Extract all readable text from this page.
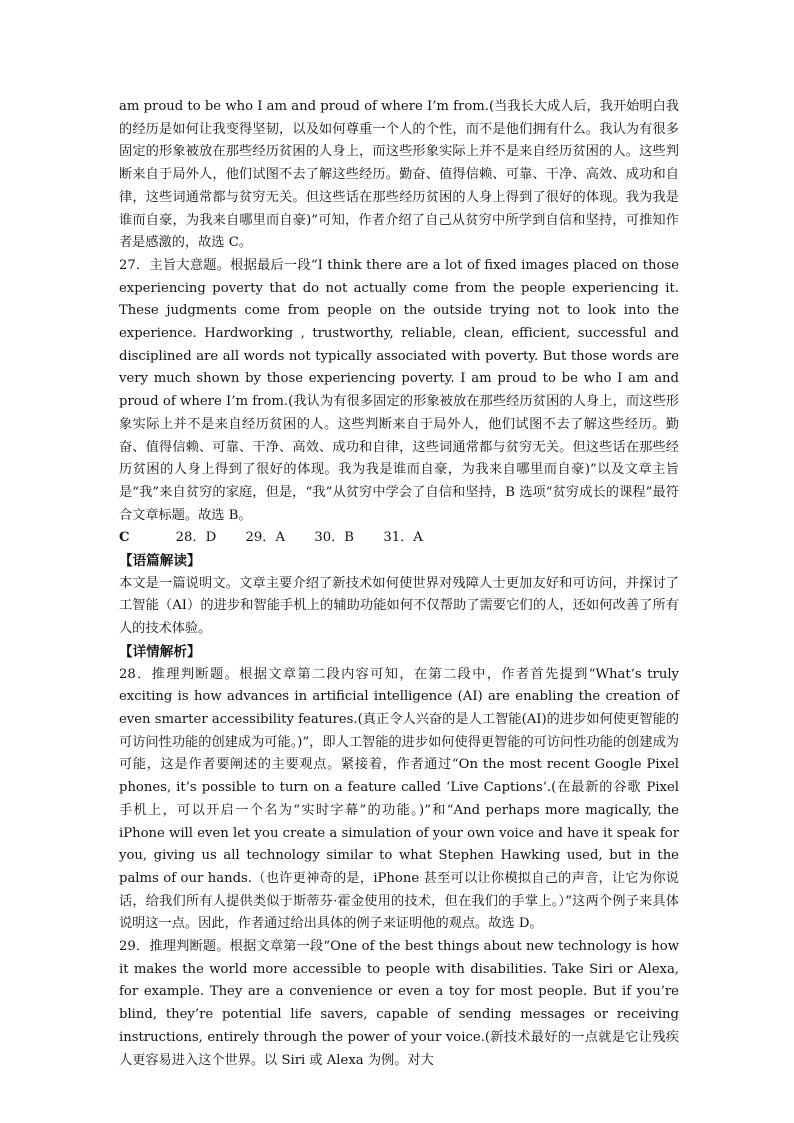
am proud to be who I am and proud of where I’m from.(当我长大成人后，我开始明白我的经历是如何让我变得坚韧，以及如何尊重一个人的个性，而不是他们拥有什么。我认为有很多固定的形象被放在那些经历贫困的人身上，而这些形象实际上并不是来自经历贫困的人。这些判断来自于局外人，他们试图不去了解这些经历。勤奋、值得信赖、可靠、干净、高效、成功和自律，这些词通常都与贫穷无关。但这些话在那些经历贫困的人身上得到了很好的体现。我为我是谁而自豪，为我来自哪里而自豪)”可知，作者介绍了自己从贫穷中所学到自信和坚持，可推知作者是感激的，故选 C。

27．主旨大意题。根据最后一段“I think there are a lot of fixed images placed on those experiencing poverty that do not actually come from the people experiencing it. These judgments come from people on the outside trying not to look into the experience. Hardworking , trustworthy, reliable, clean, efficient, successful and disciplined are all words not typically associated with poverty. But those words are very much shown by those experiencing poverty. I am proud to be who I am and proud of where I’m from.(我认为有很多固定的形象被放在那些经历贫困的人身上，而这些形象实际上并不是来自经历贫困的人。这些判断来自于局外人，他们试图不去了解这些经历。勤奋、值得信赖、可靠、干净、高效、成功和自律，这些词通常都与贫穷无关。但这些话在那些经历贫困的人身上得到了很好的体现。我为我是谁而自豪，为我来自哪里而自豪)”以及文章主旨是“我”来自贫穷的家庭，但是，“我”从贫穷中学会了自信和坚持，B 选项“贫穷成长的课程”最符合文章标题。故选 B。

C           28．D       29．A       30．B       31．A

【语篇解读】

本文是一篇说明文。文章主要介绍了新技术如何使世界对残障人士更加友好和可访问，并探讨了工智能（AI）的进步和智能手机上的辅助功能如何不仅帮助了需要它们的人，还如何改善了所有人的技术体验。

【详情解析】

28．推理判断题。根据文章第二段内容可知，在第二段中，作者首先提到“What’s truly exciting is how advances in artificial intelligence (AI) are enabling the creation of even smarter accessibility features.(真正令人兴奋的是人工智能(AI)的进步如何使更智能的可访问性功能的创建成为可能。)”，即人工智能的进步如何使得更智能的可访问性功能的创建成为可能，这是作者要阐述的主要观点。紧接着，作者通过“On the most recent Google Pixel phones, it’s possible to turn on a feature called ‘Live Captions’.(在最新的谷歌 Pixel 手机上，可以开启一个名为“实时字幕”的功能。)”和“And perhaps more magically, the iPhone will even let you create a simulation of your own voice and have it speak for you, giving us all technology similar to what Stephen Hawking used, but in the palms of our hands.（也许更神奇的是，iPhone 甚至可以让你模拟自己的声音，让它为你说话，给我们所有人提供类似于斯蒂芬·霍金使用的技术，但在我们的手掌上。）”这两个例子来具体说明这一点。因此，作者通过给出具体的例子来证明他的观点。故选 D。

29．推理判断题。根据文章第一段“One of the best things about new technology is how it makes the world more accessible to people with disabilities. Take Siri or Alexa, for example. They are a convenience or even a toy for most people. But if you’re blind, they’re potential life savers, capable of sending messages or receiving instructions, entirely through the power of your voice.(新技术最好的一点就是它让残疾人更容易进入这个世界。以 Siri 或 Alexa 为例。对大
